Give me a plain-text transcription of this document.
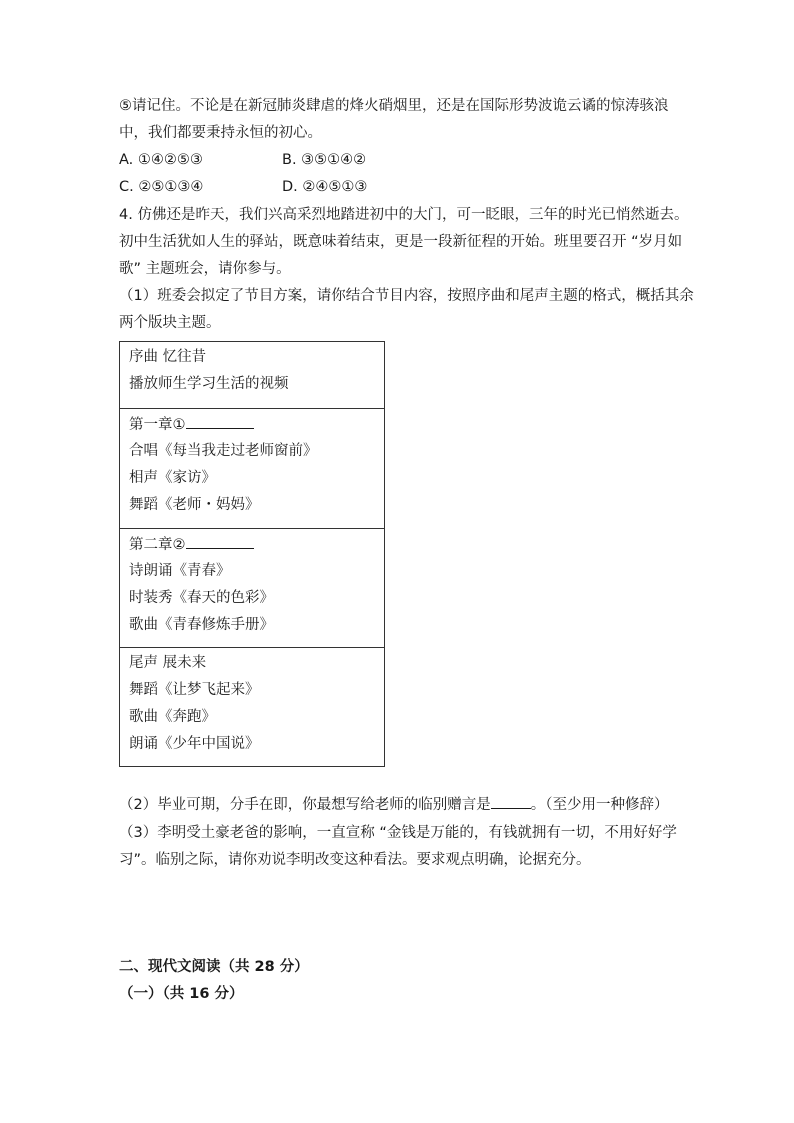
⑤请记住。不论是在新冠肺炎肆虐的烽火硝烟里，还是在国际形势波诡云谲的惊涛骇浪
中，我们都要秉持永恒的初心。
A. ①④②⑤③	B. ③⑤①④②
C. ②⑤①③④	D. ②④⑤①③
4. 仿佛还是昨天，我们兴高采烈地踏进初中的大门，可一眨眼，三年的时光已悄然逝去。
初中生活犹如人生的驿站，既意味着结束，更是一段新征程的开始。班里要召开 “岁月如
歌” 主题班会，请你参与。
（1）班委会拟定了节目方案，请你结合节目内容，按照序曲和尾声主题的格式，概括其余
两个版块主题。
序曲 忆往昔
播放师生学习生活的视频
第一章①
合唱《每当我走过老师窗前》
相声《家访》
舞蹈《老师・妈妈》
第二章②
诗朗诵《青春》
时装秀《春天的色彩》
歌曲《青春修炼手册》
尾声 展未来
舞蹈《让梦飞起来》
歌曲《奔跑》
朗诵《少年中国说》
（2）毕业可期，分手在即，你最想写给老师的临别赠言是	。（至少用一种修辞）
（3）李明受土豪老爸的影响，一直宣称 “金钱是万能的，有钱就拥有一切，不用好好学
习”。临别之际，请你劝说李明改变这种看法。要求观点明确，论据充分。
二、现代文阅读（共 28 分）
（一）（共 16 分）
